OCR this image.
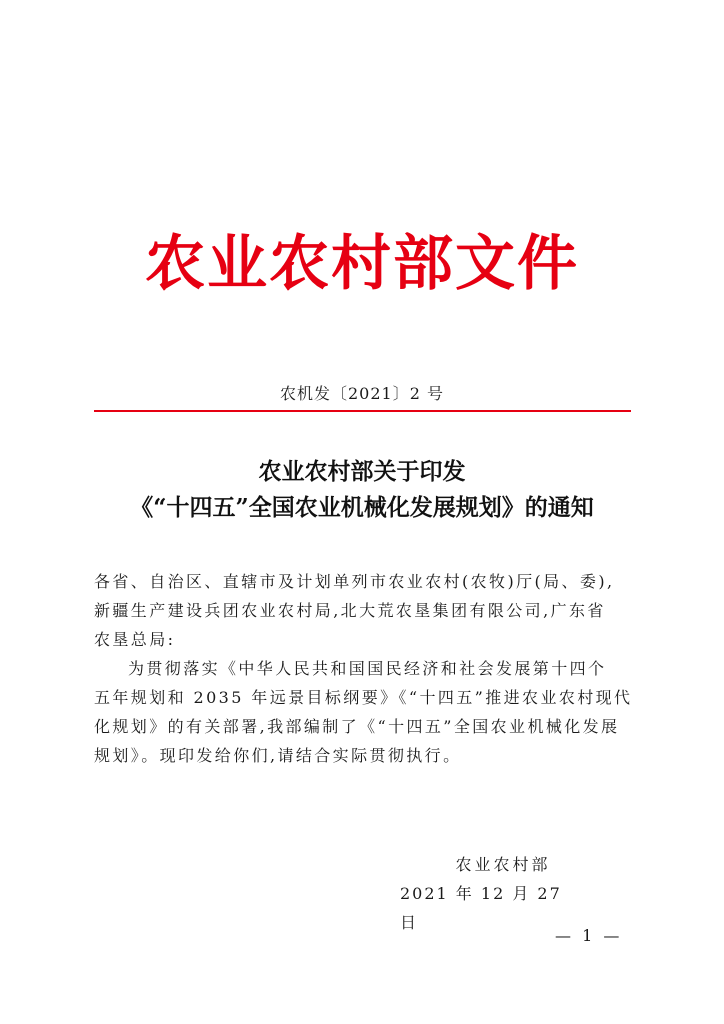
农业农村部文件
农机发〔2021〕2 号
农业农村部关于印发
《“十四五”全国农业机械化发展规划》的通知
各省、自治区、直辖市及计划单列市农业农村(农牧)厅(局、委),
新疆生产建设兵团农业农村局,北大荒农垦集团有限公司,广东省
农垦总局:
为贯彻落实《中华人民共和国国民经济和社会发展第十四个
五年规划和 2035 年远景目标纲要》《“十四五”推进农业农村现代
化规划》的有关部署,我部编制了《“十四五”全国农业机械化发展
规划》。现印发给你们,请结合实际贯彻执行。
农业农村部
2021 年 12 月 27 日
— 1 —
